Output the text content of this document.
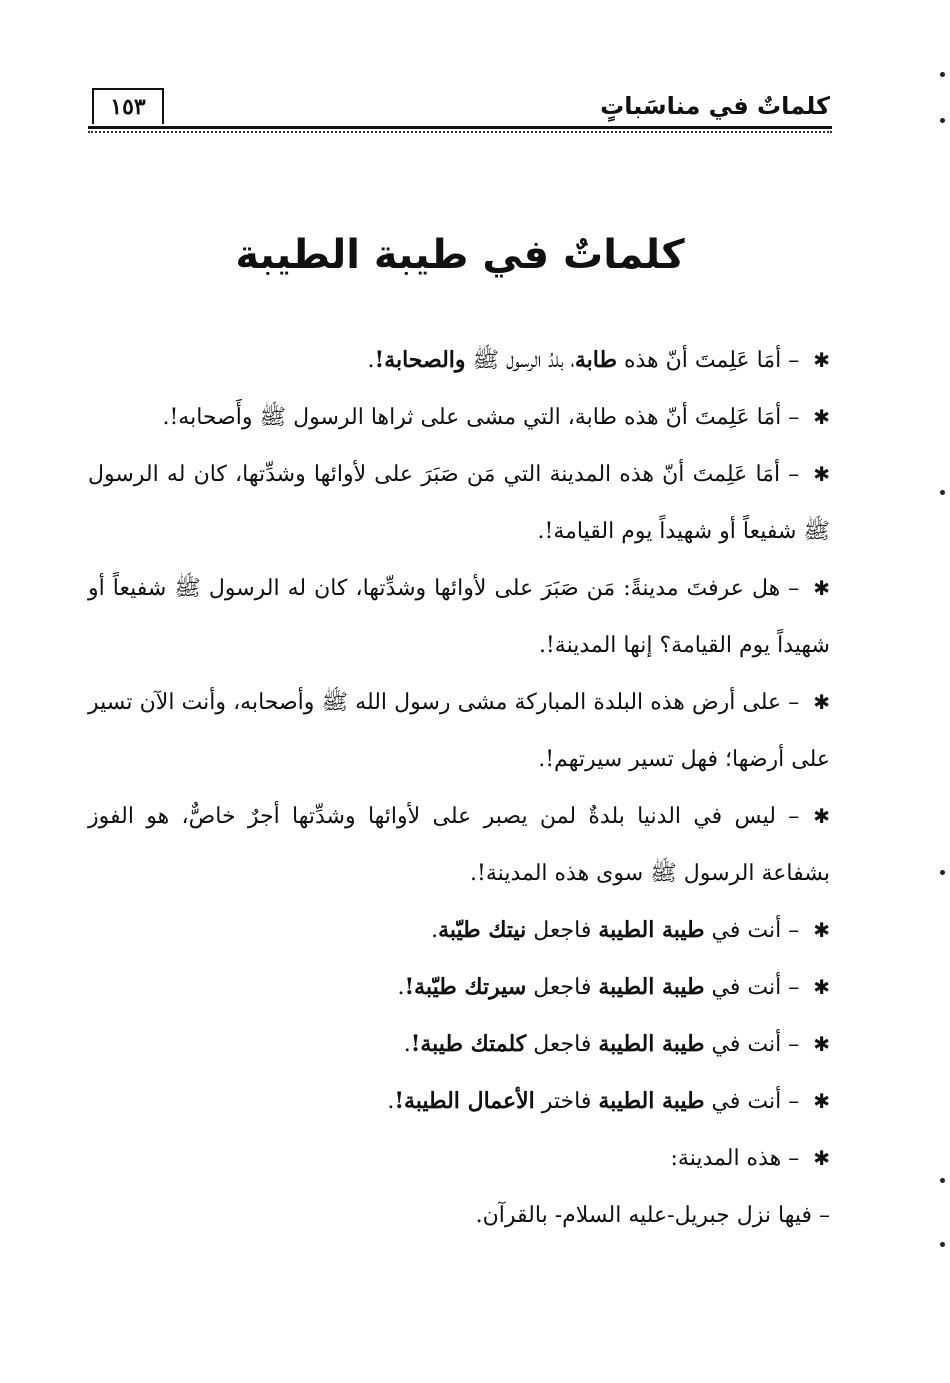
كلماتٌ في مناسَباتٍ
١٥٣
كلماتٌ في طيبة الطيبة

✱– أمَا عَلِمتَ أنّ هذه طابة، بلدُ الرسول ﷺ والصحابة!.

✱– أمَا عَلِمتَ أنّ هذه طابة، التي مشى على ثراها الرسول ﷺ وأَصحابه!.

✱– أمَا عَلِمتَ أنّ هذه المدينة التي مَن صَبَرَ على لأوائها وشدِّتها، كان له الرسول ﷺ شفيعاً أو شهيداً يوم القيامة!.

✱– هل عرفتَ مدينةً: مَن صَبَرَ على لأوائها وشدِّتها، كان له الرسول ﷺ شفيعاً أو شهيداً يوم القيامة؟ إنها المدينة!.

✱– على أرض هذه البلدة المباركة مشى رسول الله ﷺ وأصحابه، وأنت الآن تسير على أرضها؛ فهل تسير سيرتهم!.

✱– ليس في الدنيا بلدةٌ لمن يصبر على لأوائها وشدِّتها أجرٌ خاصٌّ، هو الفوز بشفاعة الرسول ﷺ سوى هذه المدينة!.

✱– أنت في طيبة الطيبة فاجعل نيتك طيّبة.

✱– أنت في طيبة الطيبة فاجعل سيرتك طيّبة!.

✱– أنت في طيبة الطيبة فاجعل كلمتك طيبة!.

✱– أنت في طيبة الطيبة فاختر الأعمال الطيبة!.

✱– هذه المدينة:

– فيها نزل جبريل-عليه السلام- بالقرآن.
